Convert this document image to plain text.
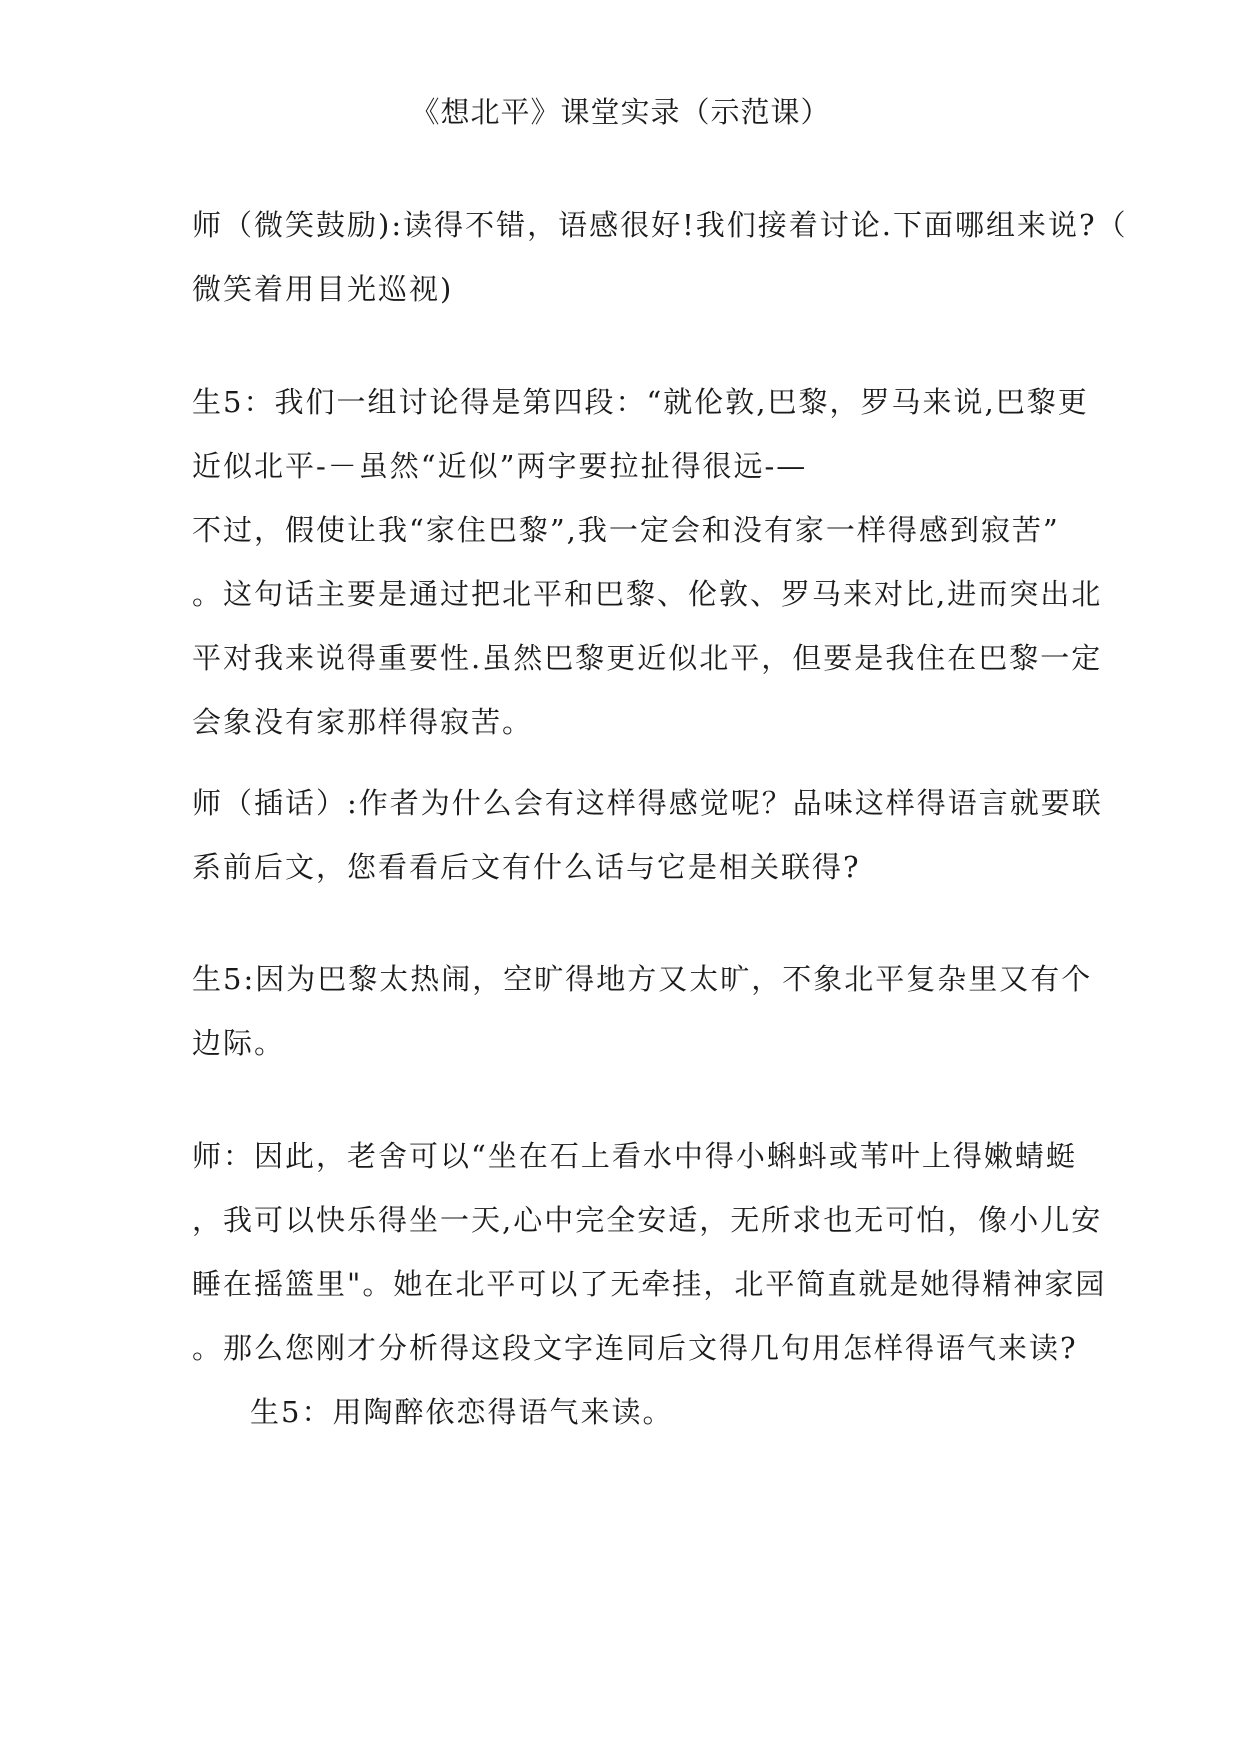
《想北平》课堂实录（示范课）
师（微笑鼓励):读得不错，语感很好!我们接着讨论.下面哪组来说?（
微笑着用目光巡视)
生5：我们一组讨论得是第四段：“就伦敦,巴黎，罗马来说,巴黎更
近似北平-－虽然“近似”两字要拉扯得很远-—
不过，假使让我“家住巴黎”,我一定会和没有家一样得感到寂苦”
。这句话主要是通过把北平和巴黎、伦敦、罗马来对比,进而突出北
平对我来说得重要性.虽然巴黎更近似北平，但要是我住在巴黎一定
会象没有家那样得寂苦。
师（插话）:作者为什么会有这样得感觉呢？品味这样得语言就要联
系前后文，您看看后文有什么话与它是相关联得?
生5:因为巴黎太热闹，空旷得地方又太旷，不象北平复杂里又有个
边际。
师：因此，老舍可以“坐在石上看水中得小蝌蚪或苇叶上得嫩蜻蜓
，我可以快乐得坐一天,心中完全安适，无所求也无可怕，像小儿安
睡在摇篮里"。她在北平可以了无牵挂，北平简直就是她得精神家园
。那么您刚才分析得这段文字连同后文得几句用怎样得语气来读?
生5：用陶醉依恋得语气来读。
